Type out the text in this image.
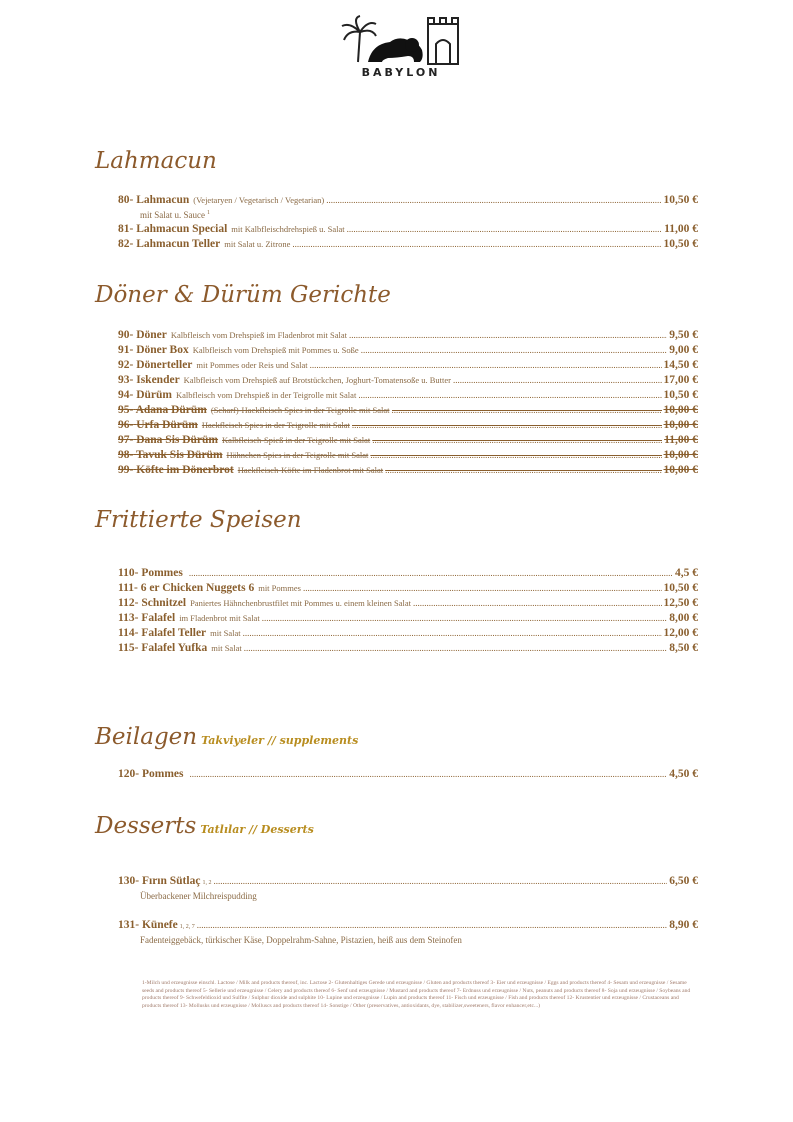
BABYLON
Lahmacun
80- Lahmacun (Vejetaryen / Vegetarisch / Vegetarian) .....	10,50 €
mit Salat u. Sauce $^1$
81- Lahmacun Special mit Kalbfleischdrehspieß u. Salat .....	11,00 €
82- Lahmacun Teller mit Salat u. Zitrone .....	10,50 €
Döner & Dürüm Gerichte
90- Döner Kalbfleisch vom Drehspieß im Fladenbrot mit Salat .....	9,50 €
91- Döner Box Kalbfleisch vom Drehspieß mit Pommes u. Soße .....	9,00 €
92- Dönerteller mit Pommes oder Reis und Salat .....	14,50 €
93- Iskender Kalbfleisch vom Drehspieß auf Brotstückchen, Joghurt-Tomatensoße u. Butter .....	17,00 €
94- Dürüm Kalbfleisch vom Drehspieß in der Teigrolle mit Salat .....	10,50 €
95- Adana Dürüm (Scharf)-Hackfleisch Spies in der Teigrolle mit Salat .....	10,00 €
96- Urfa Dürüm Hackfleisch Spies in der Teigrolle mit Salat .....	10,00 €
97- Dana Sis Dürüm Kalbfleisch-Spieß in der Teigrolle mit Salat .....	11,00 €
98- Tavuk Sis Dürüm Hähnchen Spies in der Teigrolle mit Salat .....	10,00 €
99- Köfte im Dönerbrot Hackfleisch-Köfte im Fladenbrot mit Salat .....	10,00 €
Frittierte Speisen
110- Pommes .....	4,5 €
111- 6 er Chicken Nuggets 6 mit Pommes .....	10,50 €
112- Schnitzel Paniertes Hähnchenbrustfilet mit Pommes u. einem kleinen Salat .....	12,50 €
113- Falafel im Fladenbrot mit Salat .....	8,00 €
114- Falafel Teller mit Salat .....	12,00 €
115- Falafel Yufka mit Salat .....	8,50 €
Beilagen Takviyeler // supplements
120- Pommes .....	4,50 €
Desserts Tatlılar // Desserts
130- Fırın Sütlaç 1, 2 .....	6,50 €
Überbackener Milchreispudding
131- Künefe 1, 2, 7 .....	8,90 €
Fadenteiggebäck, türkischer Käse, Doppelrahm-Sahne, Pistazien, heiß aus dem Steinofen
1-Milch und erzeugnisse einschl. Lactose / Milk and products thereof, inc. Lactose 2- Glutenhaltiges Gerede und erzeugnisse / Gluten and products thereof 3- Eier und erzeugnisse / Eggs and products thereof 4- Sesam und erzeugnisse / Sesame seeds and products thereof 5- Sellerie und erzeugnisse / Celery and products thereof 6- Senf und erzeugnisse / Mustard and products thereof 7- Erdnuss und erzeugnisse / Nuts, peanuts and products thereof 8- Soja und erzeugnisse / Soybeans and products thereof 9- Schwefeldioxid und Sulfite / Sulphur dioxide and sulphite 10- Lupine und erzeugnisse / Lupin and products thereof 11- Fisch und erzeugnisse / Fish and products thereof 12- Krustentier und erzeugnisse / Crustaceans and products thereof 13- Mollusks und erzeugnisse / Molluscs and products thereof 14- Sonstige / Other (preservatives, antioxidants, dye, stabilizer,sweeteners, flavor enhancer,etc...)
